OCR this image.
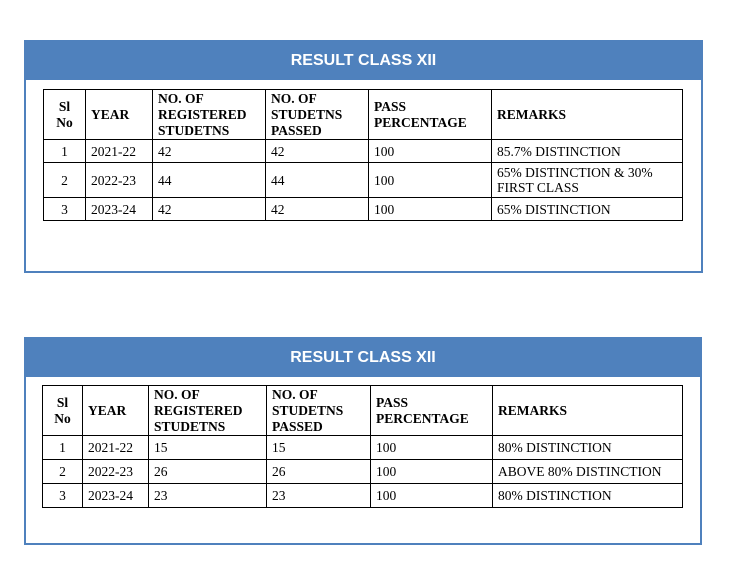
RESULT CLASS XII
Sl No	YEAR	NO. OF REGISTERED STUDETNS	NO. OF STUDETNS PASSED	PASS PERCENTAGE	REMARKS
1	2021-22	42	42	100	85.7% DISTINCTION
2	2022-23	44	44	100	65% DISTINCTION & 30% FIRST CLASS
3	2023-24	42	42	100	65% DISTINCTION
RESULT CLASS XII
Sl No	YEAR	NO. OF REGISTERED STUDETNS	NO. OF STUDETNS PASSED	PASS PERCENTAGE	REMARKS
1	2021-22	15	15	100	80% DISTINCTION
2	2022-23	26	26	100	ABOVE 80% DISTINCTION
3	2023-24	23	23	100	80% DISTINCTION
